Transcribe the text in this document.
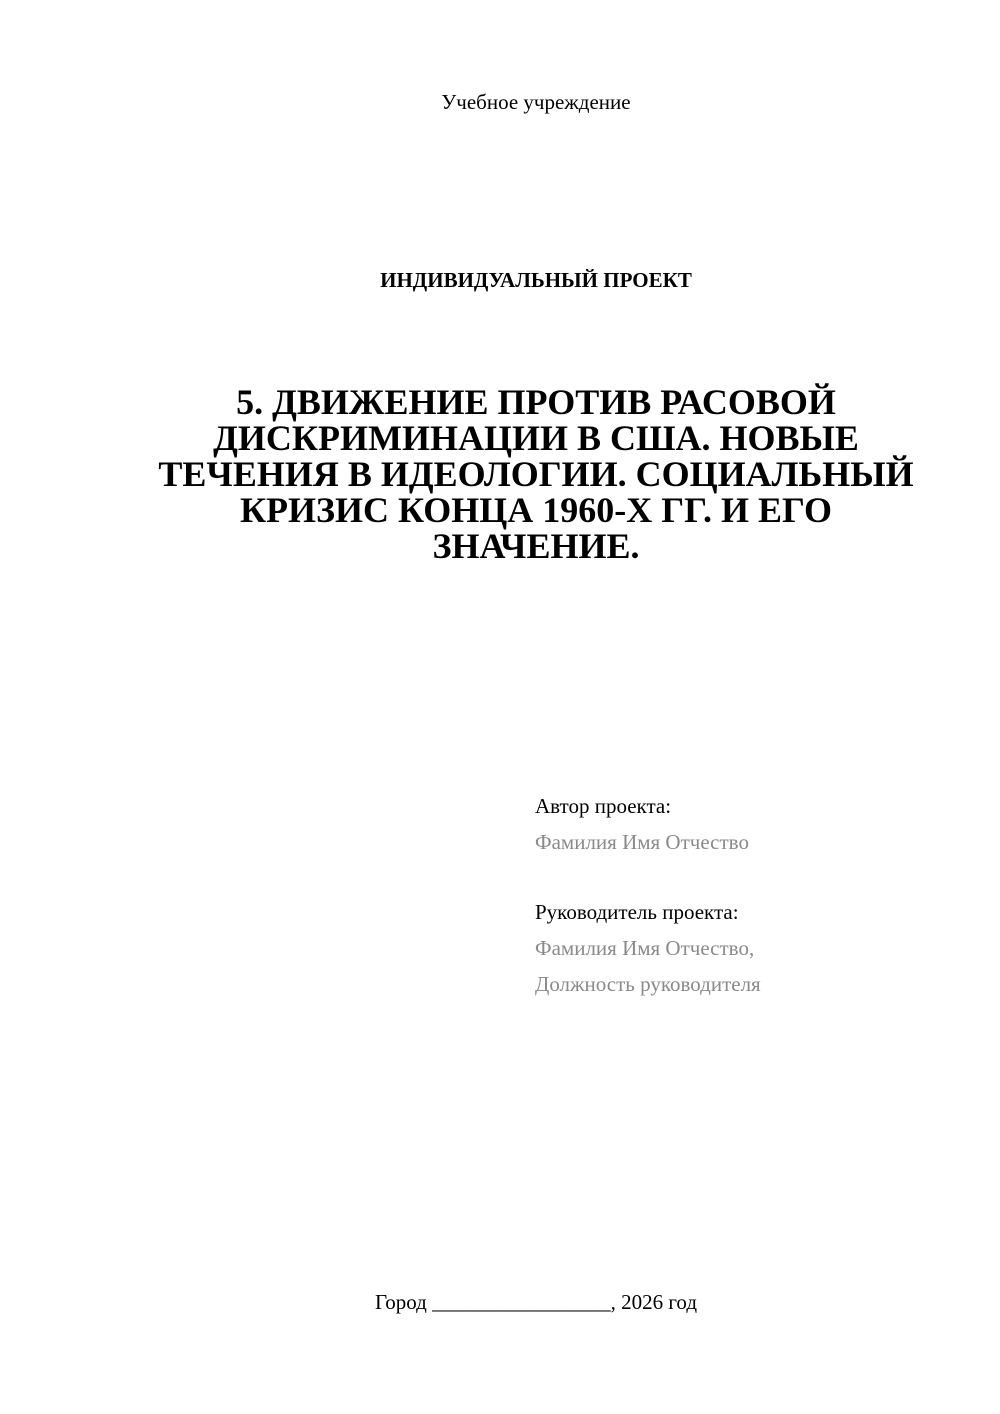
Учебное учреждение
ИНДИВИДУАЛЬНЫЙ ПРОЕКТ
5. ДВИЖЕНИЕ ПРОТИВ РАСОВОЙ ДИСКРИМИНАЦИИ В США. НОВЫЕ ТЕЧЕНИЯ В ИДЕОЛОГИИ. СОЦИАЛЬНЫЙ КРИЗИС КОНЦА 1960-Х ГГ. И ЕГО ЗНАЧЕНИЕ.
Автор проекта:
Фамилия Имя Отчество
Руководитель проекта:
Фамилия Имя Отчество,
Должность руководителя
Город _________________, 2026 год
